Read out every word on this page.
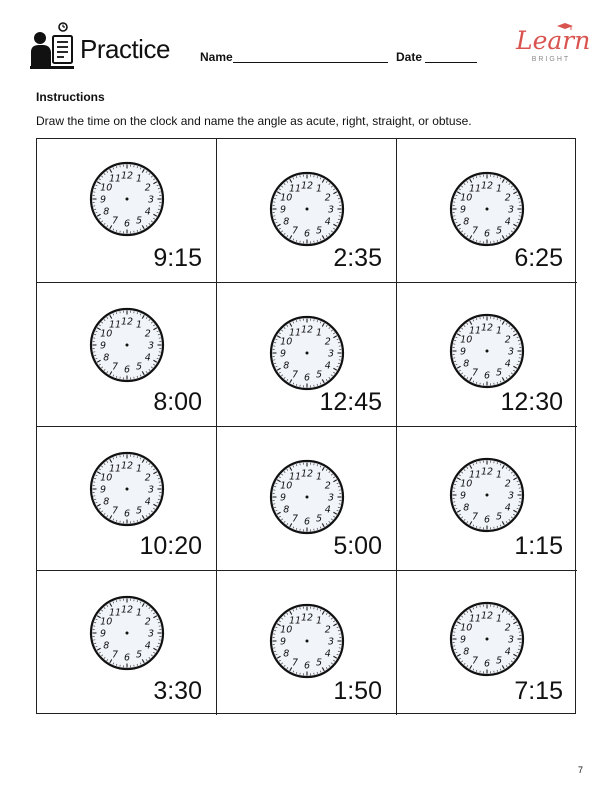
Practice	Name	Date
Learn
BRIGHT
Instructions
Draw the time on the clock and name the angle as acute, right, straight, or obtuse.
12 1
2
3
4
5
6
7
8
9
10
11
9:15
12 1
2
3
4
5
6
7
8
9
10
11
2:35
12 1
2
3
4
5
6
7
8
9
10
11
6:25
12 1
2
3
4
5
6
7
8
9
10
11
8:00
12 1
2
3
4
5
6
7
8
9
10
11
12:45
12 1
2
3
4
5
6
7
8
9
10
11
12:30
12 1
2
3
4
5
6
7
8
9
10
11
10:20
12 1
2
3
4
5
6
7
8
9
10
11
5:00
12 1
2
3
4
5
6
7
8
9
10
11
1:15
12 1
2
3
4
5
6
7
8
9
10
11
3:30
12 1
2
3
4
5
6
7
8
9
10
11
1:50
12 1
2
3
4
5
6
7
8
9
10
11
7:15
7
